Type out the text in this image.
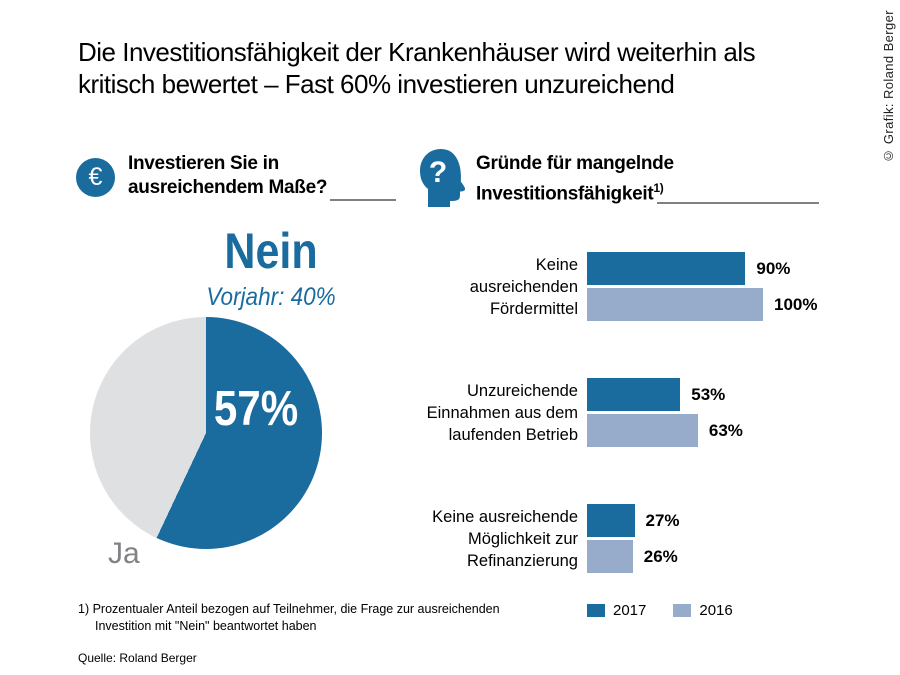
Die Investitionsfähigkeit der Krankenhäuser wird weiterhin als
kritisch bewertet – Fast 60% investieren unzureichend	© Grafik: Roland Berger
€ Investieren Sie in
ausreichendem Maße?	? Gründe für mangelnde
Investitionsfähigkeit$^{1)}$
Nein
Vorjahr: 40%
57%
Ja
Keine
ausreichenden
Fördermittel
90%
100%
Unzureichende
Einnahmen aus dem
laufenden Betrieb
53%
63%
Keine ausreichende
Möglichkeit zur
Refinanzierung
27%
26%
2017	2016
1) Prozentualer Anteil bezogen auf Teilnehmer, die Frage zur ausreichenden
Investition mit "Nein" beantwortet haben
Quelle: Roland Berger
